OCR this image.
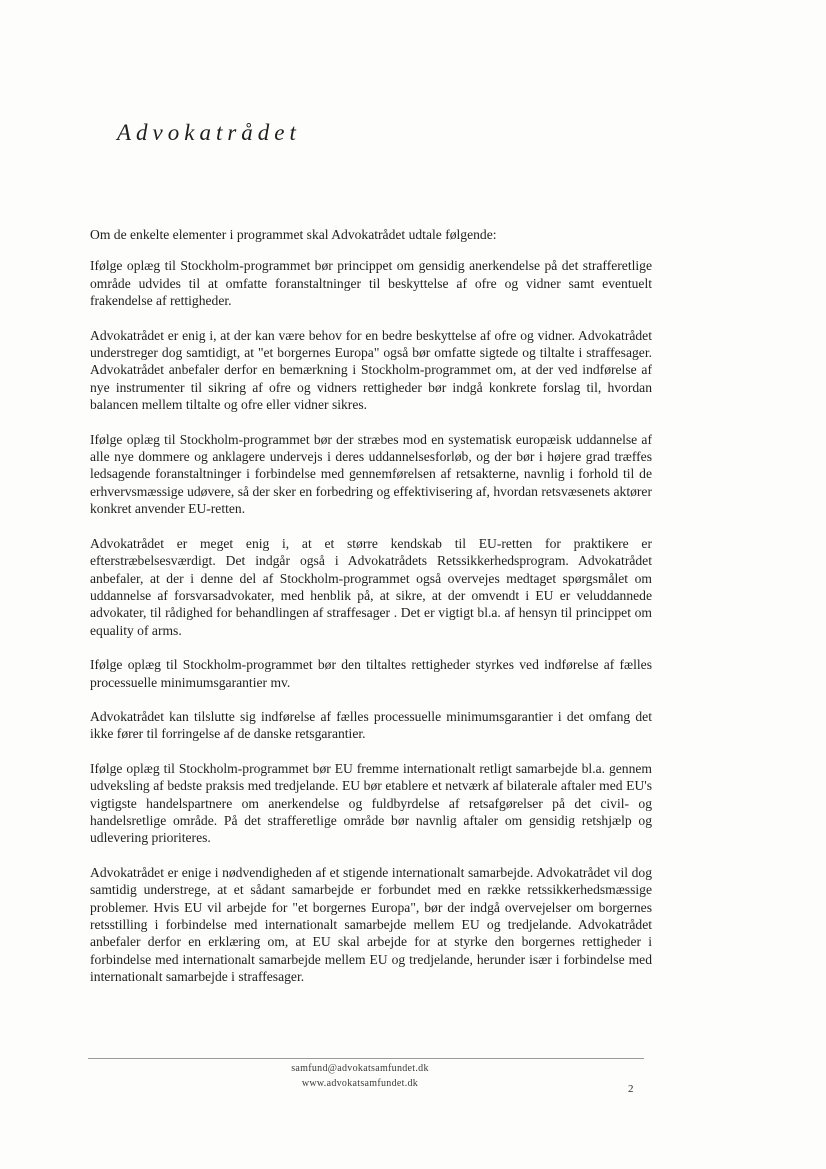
Advokatrådet

Om de enkelte elementer i programmet skal Advokatrådet udtale følgende:

Ifølge oplæg til Stockholm-programmet bør princippet om gensidig anerkendelse på det strafferetlige område udvides til at omfatte foranstaltninger til beskyttelse af ofre og vidner samt eventuelt frakendelse af rettigheder.

Advokatrådet er enig i, at der kan være behov for en bedre beskyttelse af ofre og vidner. Advokatrådet understreger dog samtidigt, at "et borgernes Europa" også bør omfatte sigtede og tiltalte i straffesager. Advokatrådet anbefaler derfor en bemærkning i Stockholm-programmet om, at der ved indførelse af nye instrumenter til sikring af ofre og vidners rettigheder bør indgå konkrete forslag til, hvordan balancen mellem tiltalte og ofre eller vidner sikres.

Ifølge oplæg til Stockholm-programmet bør der stræbes mod en systematisk europæisk uddannelse af alle nye dommere og anklagere undervejs i deres uddannelsesforløb, og der bør i højere grad træffes ledsagende foranstaltninger i forbindelse med gennemførelsen af retsakterne, navnlig i forhold til de erhvervsmæssige udøvere, så der sker en forbedring og effektivisering af, hvordan retsvæsenets aktører konkret anvender EU-retten.

Advokatrådet er meget enig i, at et større kendskab til EU-retten for praktikere er efterstræbelsesværdigt. Det indgår også i Advokatrådets Retssikkerhedsprogram. Advokatrådet anbefaler, at der i denne del af Stockholm-programmet også overvejes medtaget spørgsmålet om uddannelse af forsvarsadvokater, med henblik på, at sikre, at der omvendt i EU er veluddannede advokater, til rådighed for behandlingen af straffesager . Det er vigtigt bl.a. af hensyn til princippet om equality of arms.

Ifølge oplæg til Stockholm-programmet bør den tiltaltes rettigheder styrkes ved indførelse af fælles processuelle minimumsgarantier mv.

Advokatrådet kan tilslutte sig indførelse af fælles processuelle minimumsgarantier i det omfang det ikke fører til forringelse af de danske retsgarantier.

Ifølge oplæg til Stockholm-programmet bør EU fremme internationalt retligt samarbejde bl.a. gennem udveksling af bedste praksis med tredjelande. EU bør etablere et netværk af bilaterale aftaler med EU's vigtigste handelspartnere om anerkendelse og fuldbyrdelse af retsafgørelser på det civil- og handelsretlige område. På det strafferetlige område bør navnlig aftaler om gensidig retshjælp og udlevering prioriteres.

Advokatrådet er enige i nødvendigheden af et stigende internationalt samarbejde. Advokatrådet vil dog samtidig understrege, at et sådant samarbejde er forbundet med en række retssikkerhedsmæssige problemer. Hvis EU vil arbejde for "et borgernes Europa", bør der indgå overvejelser om borgernes retsstilling i forbindelse med internationalt samarbejde mellem EU og tredjelande. Advokatrådet anbefaler derfor en erklæring om, at EU skal arbejde for at styrke den borgernes rettigheder i forbindelse med internationalt samarbejde mellem EU og tredjelande, herunder især i forbindelse med internationalt samarbejde i straffesager.

samfund@advokatsamfundet.dk
www.advokatsamfundet.dk	2
